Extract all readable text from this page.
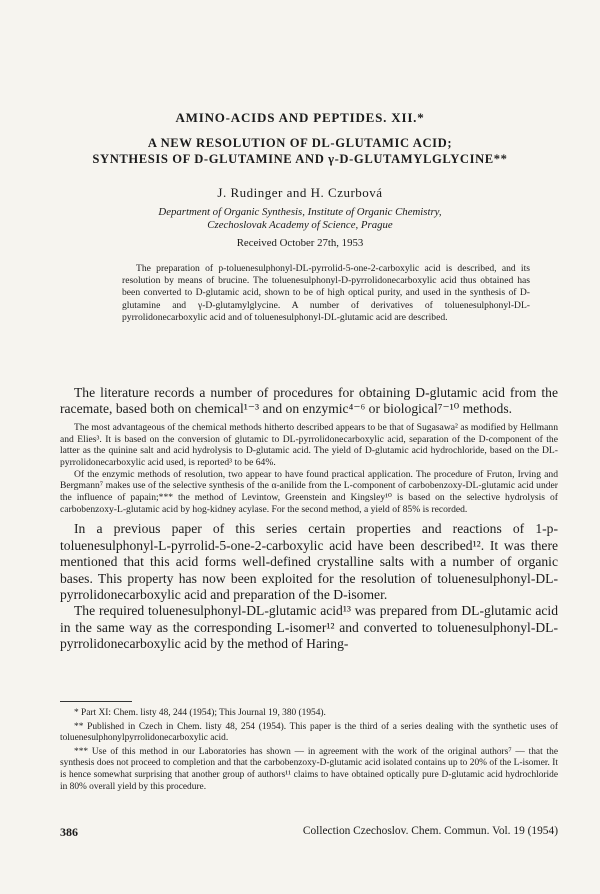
AMINO-ACIDS AND PEPTIDES. XII.*

A NEW RESOLUTION OF DL-GLUTAMIC ACID;

SYNTHESIS OF D-GLUTAMINE AND γ-D-GLUTAMYLGLYCINE**

J. Rudinger and H. Czurbová
Department of Organic Synthesis, Institute of Organic Chemistry,
Czechoslovak Academy of Science, Prague
Received October 27th, 1953

The preparation of p-toluenesulphonyl-DL-pyrrolid-5-one-2-carboxylic acid is described, and its resolution by means of brucine. The toluenesulphonyl-D-pyrrolidonecarboxylic acid thus obtained has been converted to D-glutamic acid, shown to be of high optical purity, and used in the synthesis of D-glutamine and γ-D-glutamylglycine. A number of derivatives of toluenesulphonyl-DL-pyrrolidonecarboxylic acid and of toluenesulphonyl-DL-glutamic acid are described.

The literature records a number of procedures for obtaining D-glutamic acid from the racemate, based both on chemical¹⁻³ and on enzymic⁴⁻⁶ or biological⁷⁻¹⁰ methods.

The most advantageous of the chemical methods hitherto described appears to be that of Sugasawa² as modified by Hellmann and Elies³. It is based on the conversion of glutamic to DL-pyrrolidonecarboxylic acid, separation of the D-component of the latter as the quinine salt and acid hydrolysis to D-glutamic acid. The yield of D-glutamic acid hydrochloride, based on the DL-pyrrolidonecarboxylic acid used, is reported³ to be 64%.

Of the enzymic methods of resolution, two appear to have found practical application. The procedure of Fruton, Irving and Bergmann⁷ makes use of the selective synthesis of the α-anilide from the L-component of carbobenzoxy-DL-glutamic acid under the influence of papain;*** the method of Levintow, Greenstein and Kingsley¹⁰ is based on the selective hydrolysis of carbobenzoxy-L-glutamic acid by hog-kidney acylase. For the second method, a yield of 85% is recorded.

In a previous paper of this series certain properties and reactions of 1-p-toluenesulphonyl-L-pyrrolid-5-one-2-carboxylic acid have been described¹². It was there mentioned that this acid forms well-defined crystalline salts with a number of organic bases. This property has now been exploited for the resolution of toluenesulphonyl-DL-pyrrolidonecarboxylic acid and preparation of the D-isomer.

The required toluenesulphonyl-DL-glutamic acid¹³ was prepared from DL-glutamic acid in the same way as the corresponding L-isomer¹² and converted to toluenesulphonyl-DL-pyrrolidonecarboxylic acid by the method of Haring-

* Part XI: Chem. listy 48, 244 (1954); This Journal 19, 380 (1954).

** Published in Czech in Chem. listy 48, 254 (1954). This paper is the third of a series dealing with the synthetic uses of toluenesulphonylpyrrolidonecarboxylic acid.

*** Use of this method in our Laboratories has shown — in agreement with the work of the original authors⁷ — that the synthesis does not proceed to completion and that the carbobenzoxy-D-glutamic acid isolated contains up to 20% of the L-isomer. It is hence somewhat surprising that another group of authors¹¹ claims to have obtained optically pure D-glutamic acid hydrochloride in 80% overall yield by this procedure.

386	Collection Czechoslov. Chem. Commun. Vol. 19 (1954)
